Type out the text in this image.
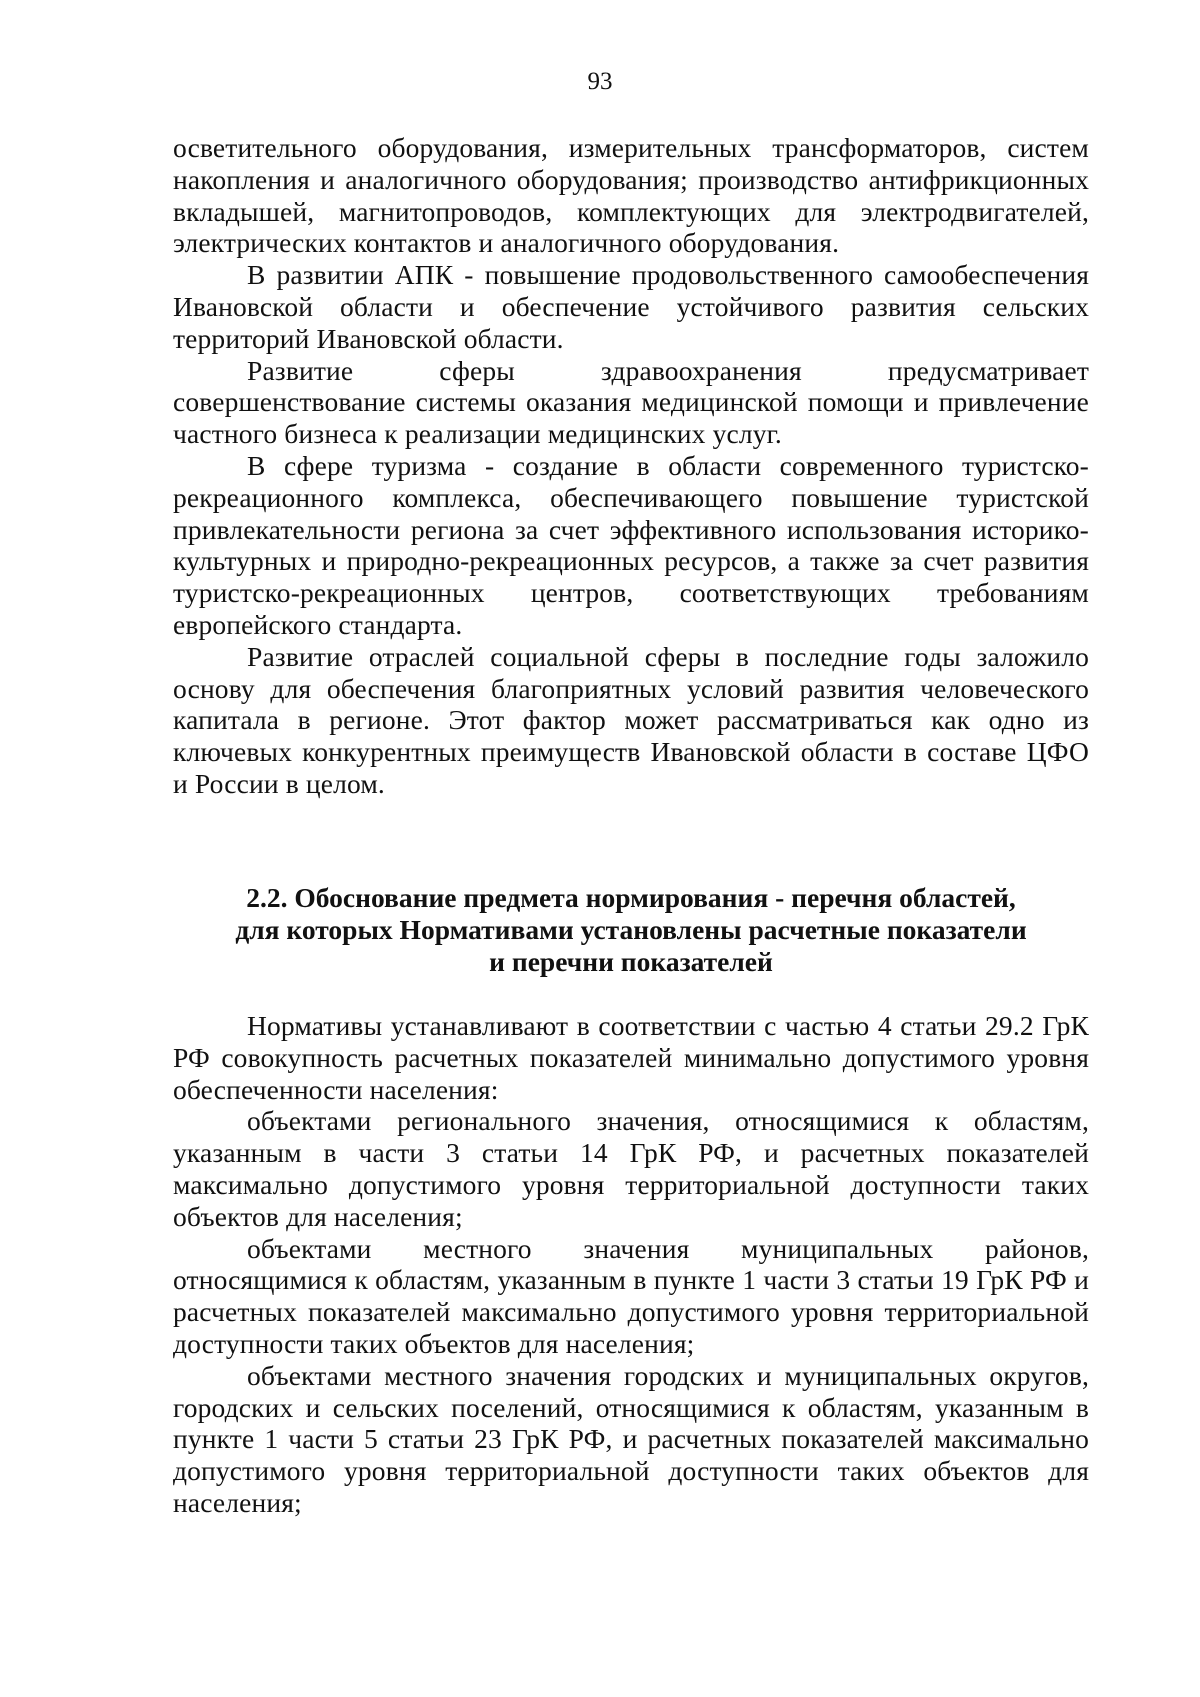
93

осветительного оборудования, измерительных трансформаторов, систем накопления и аналогичного оборудования; производство антифрикционных вкладышей, магнитопроводов, комплектующих для электродвигателей, электрических контактов и аналогичного оборудования.

В развитии АПК - повышение продовольственного самообеспечения Ивановской области и обеспечение устойчивого развития сельских территорий Ивановской области.

Развитие сферы здравоохранения предусматривает совершенствование системы оказания медицинской помощи и привлечение частного бизнеса к реализации медицинских услуг.

В сфере туризма - создание в области современного туристско-рекреационного комплекса, обеспечивающего повышение туристской привлекательности региона за счет эффективного использования историко-культурных и природно-рекреационных ресурсов, а также за счет развития туристско-рекреационных центров, соответствующих требованиям европейского стандарта.

Развитие отраслей социальной сферы в последние годы заложило основу для обеспечения благоприятных условий развития человеческого капитала в регионе. Этот фактор может рассматриваться как одно из ключевых конкурентных преимуществ Ивановской области в составе ЦФО и России в целом.

2.2. Обоснование предмета нормирования - перечня областей,
для которых Нормативами установлены расчетные показатели
и перечни показателей

Нормативы устанавливают в соответствии с частью 4 статьи 29.2 ГрК РФ совокупность расчетных показателей минимально допустимого уровня обеспеченности населения:

объектами регионального значения, относящимися к областям, указанным в части 3 статьи 14 ГрК РФ, и расчетных показателей максимально допустимого уровня территориальной доступности таких объектов для населения;

объектами местного значения муниципальных районов, относящимися к областям, указанным в пункте 1 части 3 статьи 19 ГрК РФ и расчетных показателей максимально допустимого уровня территориальной доступности таких объектов для населения;

объектами местного значения городских и муниципальных округов, городских и сельских поселений, относящимися к областям, указанным в пункте 1 части 5 статьи 23 ГрК РФ, и расчетных показателей максимально допустимого уровня территориальной доступности таких объектов для населения;
